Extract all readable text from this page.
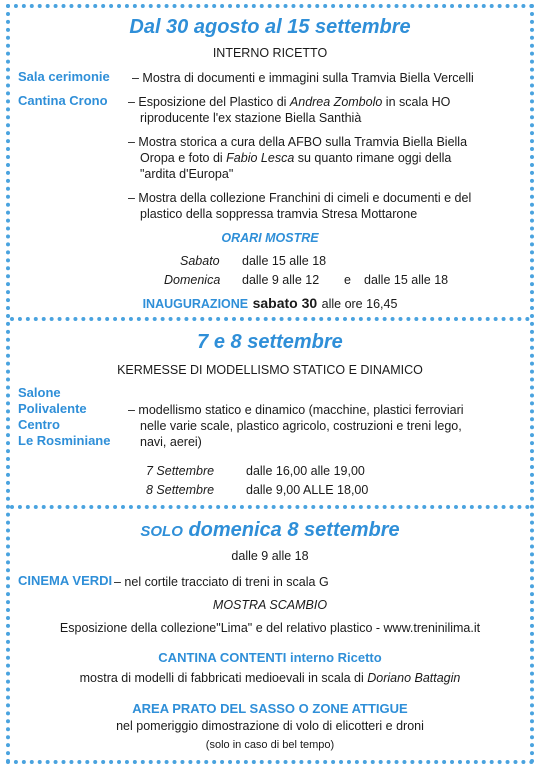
Dal 30 agosto al 15 settembre
INTERNO RICETTO
Sala cerimonie – Mostra di documenti e immagini sulla Tramvia Biella Vercelli
Cantina Crono – Esposizione del Plastico di Andrea Zombolo in scala HO
riproducente l'ex stazione Biella Santhià
– Mostra storica a cura della AFBO sulla Tramvia Biella Biella
Oropa e foto di Fabio Lesca su quanto rimane oggi della
"ardita d'Europa"
– Mostra della collezione Franchini di cimeli e documenti e del
plastico della soppressa tramvia Stresa Mottarone
ORARI MOSTRE
Sabato dalle 15 alle 18
Domenica dalle 9 alle 12 e dalle 15 alle 18
INAUGURAZIONE sabato 30 alle ore 16,45
7 e 8 settembre
KERMESSE DI MODELLISMO STATICO E DINAMICO
Salone
Polivalente
Centro
Le Rosminiane
– modellismo statico e dinamico (macchine, plastici ferroviari
nelle varie scale, plastico agricolo, costruzioni e treni lego,
navi, aerei)
7 Settembre	dalle 16,00 alle 19,00
8 Settembre	dalle 9,00 ALLE 18,00
SOLO domenica 8 settembre
dalle 9 alle 18
CINEMA VERDI – nel cortile tracciato di treni in scala G
MOSTRA SCAMBIO
Esposizione della collezione"Lima" e del relativo plastico - www.treninilima.it
CANTINA CONTENTI interno Ricetto
mostra di modelli di fabbricati medioevali in scala di Doriano Battagin
AREA PRATO DEL SASSO O ZONE ATTIGUE
nel pomeriggio dimostrazione di volo di elicotteri e droni
(solo in caso di bel tempo)
